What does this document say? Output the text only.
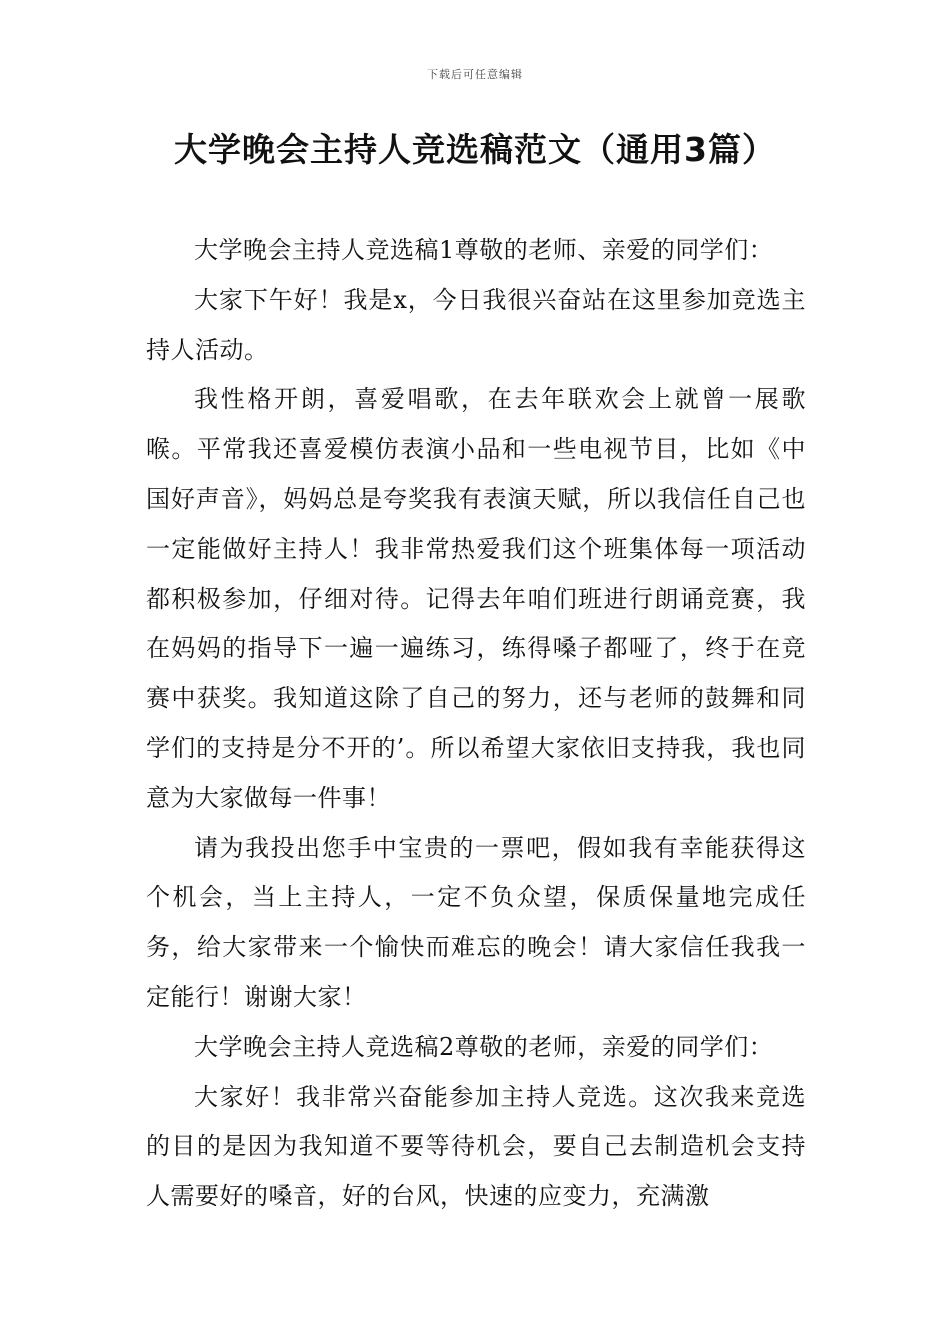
下载后可任意编辑
大学晚会主持人竞选稿范文（通用3篇）

大学晚会主持人竞选稿1尊敬的老师、亲爱的同学们：

大家下午好！我是x，今日我很兴奋站在这里参加竞选主持人活动。

我性格开朗，喜爱唱歌，在去年联欢会上就曾一展歌喉。平常我还喜爱模仿表演小品和一些电视节目，比如《中国好声音》，妈妈总是夸奖我有表演天赋，所以我信任自己也一定能做好主持人！我非常热爱我们这个班集体每一项活动都积极参加，仔细对待。记得去年咱们班进行朗诵竞赛，我在妈妈的指导下一遍一遍练习，练得嗓子都哑了，终于在竞赛中获奖。我知道这除了自己的努力，还与老师的鼓舞和同学们的支持是分不开的’。所以希望大家依旧支持我，我也同意为大家做每一件事！

请为我投出您手中宝贵的一票吧，假如我有幸能获得这个机会，当上主持人，一定不负众望，保质保量地完成任务，给大家带来一个愉快而难忘的晚会！请大家信任我我一定能行！谢谢大家！

大学晚会主持人竞选稿2尊敬的老师，亲爱的同学们：

大家好！我非常兴奋能参加主持人竞选。这次我来竞选的目的是因为我知道不要等待机会，要自己去制造机会支持人需要好的嗓音，好的台风，快速的应变力，充满激
